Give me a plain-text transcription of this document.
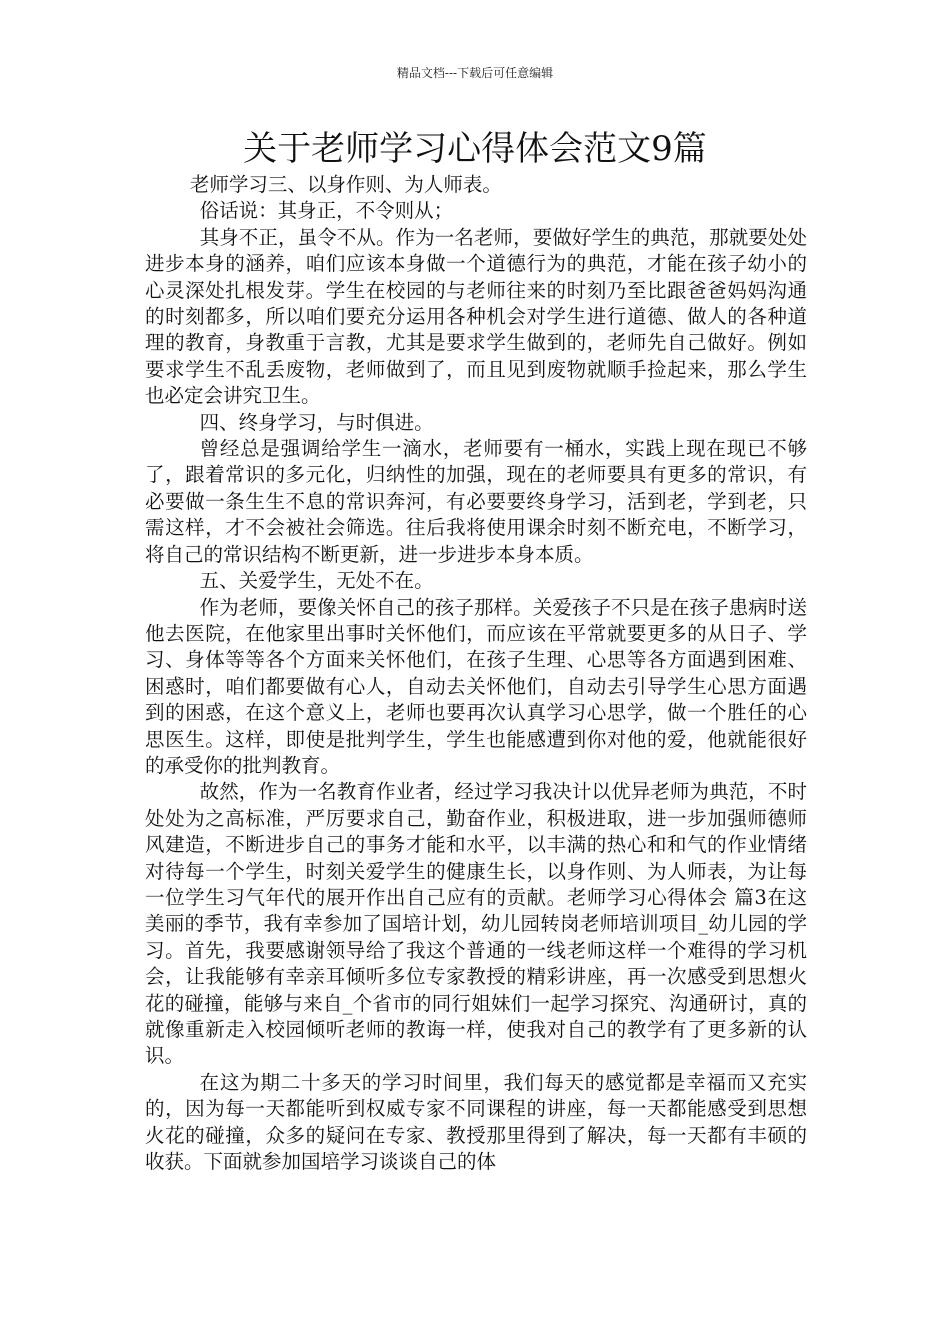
精品文档---下载后可任意编辑
关于老师学习心得体会范文9篇

老师学习三、以身作则、为人师表。

俗话说：其身正，不令则从；

其身不正，虽令不从。作为一名老师，要做好学生的典范，那就要处处进步本身的涵养，咱们应该本身做一个道德行为的典范，才能在孩子幼小的心灵深处扎根发芽。学生在校园的与老师往来的时刻乃至比跟爸爸妈妈沟通的时刻都多，所以咱们要充分运用各种机会对学生进行道德、做人的各种道理的教育，身教重于言教，尤其是要求学生做到的，老师先自己做好。例如要求学生不乱丢废物，老师做到了，而且见到废物就顺手捡起来，那么学生也必定会讲究卫生。

四、终身学习，与时俱进。

曾经总是强调给学生一滴水，老师要有一桶水，实践上现在现已不够了，跟着常识的多元化，归纳性的加强，现在的老师要具有更多的常识，有必要做一条生生不息的常识奔河，有必要要终身学习，活到老，学到老，只需这样，才不会被社会筛选。往后我将使用课余时刻不断充电，不断学习，将自己的常识结构不断更新，进一步进步本身本质。

五、关爱学生，无处不在。

作为老师，要像关怀自己的孩子那样。关爱孩子不只是在孩子患病时送他去医院，在他家里出事时关怀他们，而应该在平常就要更多的从日子、学习、身体等等各个方面来关怀他们，在孩子生理、心思等各方面遇到困难、困惑时，咱们都要做有心人，自动去关怀他们，自动去引导学生心思方面遇到的困惑，在这个意义上，老师也要再次认真学习心思学，做一个胜任的心思医生。这样，即使是批判学生，学生也能感遭到你对他的爱，他就能很好的承受你的批判教育。

故然，作为一名教育作业者，经过学习我决计以优异老师为典范，不时处处为之高标准，严厉要求自己，勤奋作业，积极进取，进一步加强师德师风建造，不断进步自己的事务才能和水平，以丰满的热心和和气的作业情绪对待每一个学生，时刻关爱学生的健康生长，以身作则、为人师表，为让每一位学生习气年代的展开作出自己应有的贡献。老师学习心得体会 篇3在这美丽的季节，我有幸参加了国培计划，幼儿园转岗老师培训项目_幼儿园的学习。首先，我要感谢领导给了我这个普通的一线老师这样一个难得的学习机会，让我能够有幸亲耳倾听多位专家教授的精彩讲座，再一次感受到思想火花的碰撞，能够与来自_个省市的同行姐妹们一起学习探究、沟通研讨，真的就像重新走入校园倾听老师的教诲一样，使我对自己的教学有了更多新的认识。

在这为期二十多天的学习时间里，我们每天的感觉都是幸福而又充实的，因为每一天都能听到权威专家不同课程的讲座，每一天都能感受到思想火花的碰撞，众多的疑问在专家、教授那里得到了解决，每一天都有丰硕的收获。下面就参加国培学习谈谈自己的体
